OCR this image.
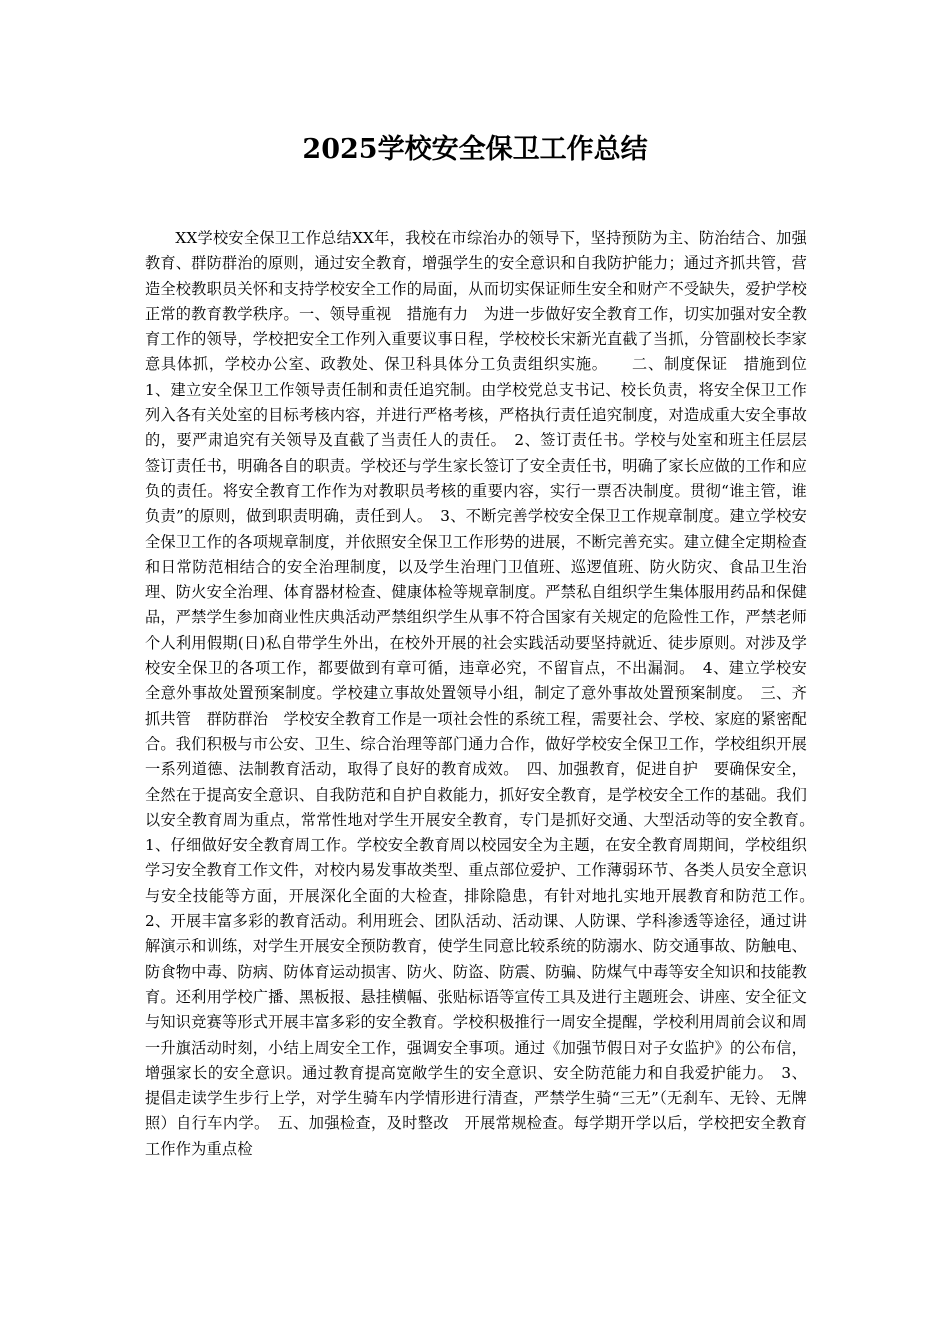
2025学校安全保卫工作总结

XX学校安全保卫工作总结XX年，我校在市综治办的领导下，坚持预防为主、防治结合、加强教育、群防群治的原则，通过安全教育，增强学生的安全意识和自我防护能力；通过齐抓共管，营造全校教职员关怀和支持学校安全工作的局面，从而切实保证师生安全和财产不受缺失，爱护学校正常的教育教学秩序。一、领导重视　措施有力　为进一步做好安全教育工作，切实加强对安全教育工作的领导，学校把安全工作列入重要议事日程，学校校长宋新光直截了当抓，分管副校长李家意具体抓，学校办公室、政教处、保卫科具体分工负责组织实施。　　二、制度保证　措施到位　1、建立安全保卫工作领导责任制和责任追究制。由学校党总支书记、校长负责，将安全保卫工作列入各有关处室的目标考核内容，并进行严格考核，严格执行责任追究制度，对造成重大安全事故的，要严肃追究有关领导及直截了当责任人的责任。　2、签订责任书。学校与处室和班主任层层签订责任书，明确各自的职责。学校还与学生家长签订了安全责任书，明确了家长应做的工作和应负的责任。将安全教育工作作为对教职员考核的重要内容，实行一票否决制度。贯彻“谁主管，谁负责”的原则，做到职责明确，责任到人。　3、不断完善学校安全保卫工作规章制度。建立学校安全保卫工作的各项规章制度，并依照安全保卫工作形势的进展，不断完善充实。建立健全定期检查和日常防范相结合的安全治理制度，以及学生治理门卫值班、巡逻值班、防火防灾、食品卫生治理、防火安全治理、体育器材检查、健康体检等规章制度。严禁私自组织学生集体服用药品和保健品，严禁学生参加商业性庆典活动严禁组织学生从事不符合国家有关规定的危险性工作，严禁老师个人利用假期(日)私自带学生外出，在校外开展的社会实践活动要坚持就近、徒步原则。对涉及学校安全保卫的各项工作，都要做到有章可循，违章必究，不留盲点，不出漏洞。　4、建立学校安全意外事故处置预案制度。学校建立事故处置领导小组，制定了意外事故处置预案制度。　三、齐抓共管　群防群治　学校安全教育工作是一项社会性的系统工程，需要社会、学校、家庭的紧密配合。我们积极与市公安、卫生、综合治理等部门通力合作，做好学校安全保卫工作，学校组织开展一系列道德、法制教育活动，取得了良好的教育成效。　四、加强教育，促进自护　要确保安全，全然在于提高安全意识、自我防范和自护自救能力，抓好安全教育，是学校安全工作的基础。我们以安全教育周为重点，常常性地对学生开展安全教育，专门是抓好交通、大型活动等的安全教育。　1、仔细做好安全教育周工作。学校安全教育周以校园安全为主题，在安全教育周期间，学校组织学习安全教育工作文件，对校内易发事故类型、重点部位爱护、工作薄弱环节、各类人员安全意识与安全技能等方面，开展深化全面的大检查，排除隐患，有针对地扎实地开展教育和防范工作。　2、开展丰富多彩的教育活动。利用班会、团队活动、活动课、人防课、学科渗透等途径，通过讲解演示和训练，对学生开展安全预防教育，使学生同意比较系统的防溺水、防交通事故、防触电、防食物中毒、防病、防体育运动损害、防火、防盗、防震、防骗、防煤气中毒等安全知识和技能教育。还利用学校广播、黑板报、悬挂横幅、张贴标语等宣传工具及进行主题班会、讲座、安全征文与知识竞赛等形式开展丰富多彩的安全教育。学校积极推行一周安全提醒，学校利用周前会议和周一升旗活动时刻，小结上周安全工作，强调安全事项。通过《加强节假日对子女监护》的公布信，增强家长的安全意识。通过教育提高宽敞学生的安全意识、安全防范能力和自我爱护能力。　3、提倡走读学生步行上学，对学生骑车内学情形进行清查，严禁学生骑“三无”（无刹车、无铃、无牌照）自行车内学。　五、加强检查，及时整改　开展常规检查。每学期开学以后，学校把安全教育工作作为重点检
